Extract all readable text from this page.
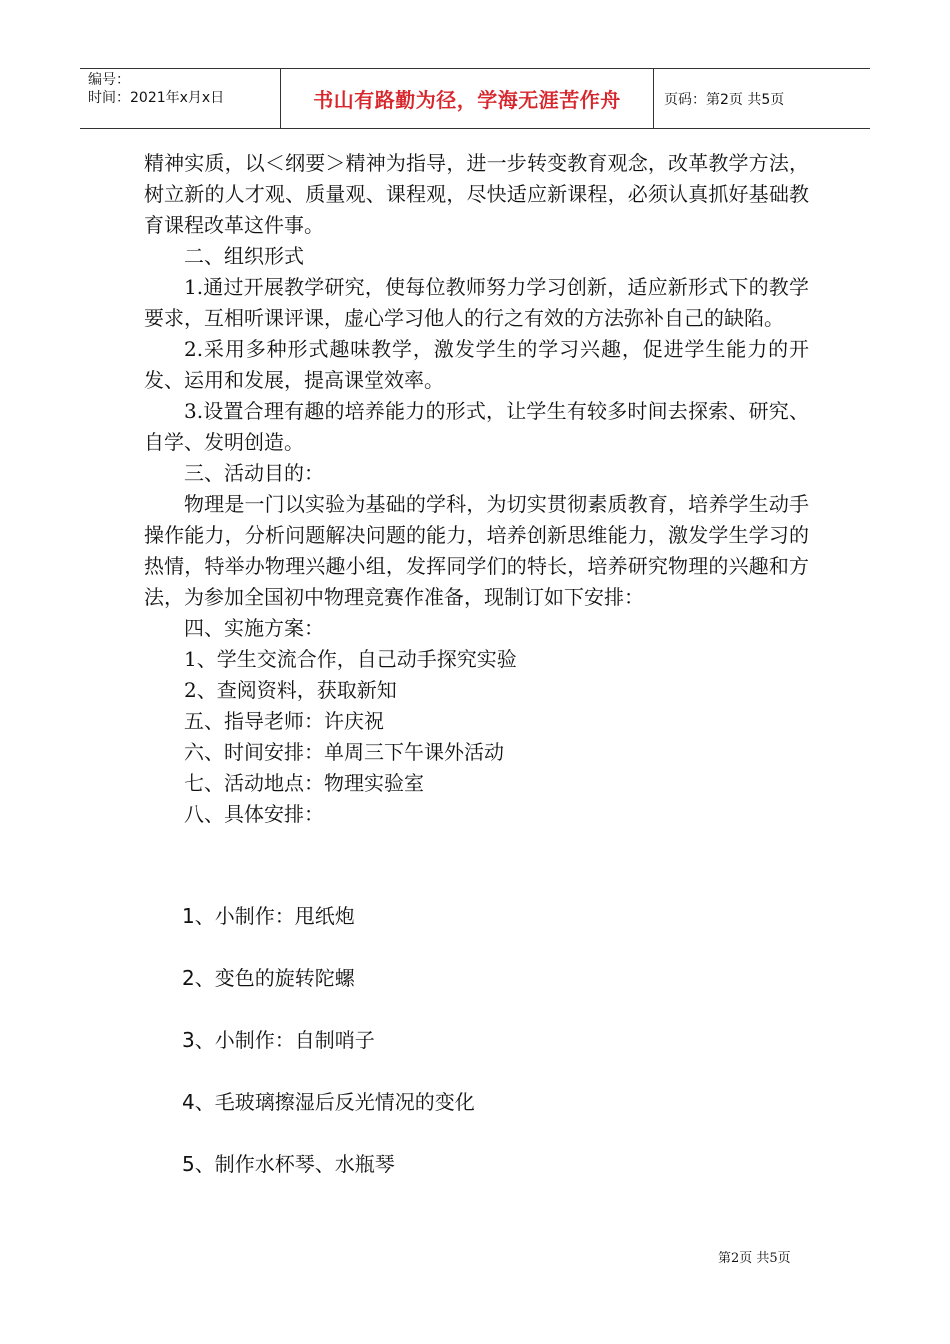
编号：
时间：2021年x月x日	书山有路勤为径，学海无涯苦作舟	页码：第2页 共5页

精神实质，以＜纲要＞精神为指导，进一步转变教育观念，改革教学方法，树立新的人才观、质量观、课程观，尽快适应新课程，必须认真抓好基础教育课程改革这件事。

二、组织形式

1.通过开展教学研究，使每位教师努力学习创新，适应新形式下的教学要求，互相听课评课，虚心学习他人的行之有效的方法弥补自己的缺陷。

2.采用多种形式趣味教学，激发学生的学习兴趣，促进学生能力的开发、运用和发展，提高课堂效率。

3.设置合理有趣的培养能力的形式，让学生有较多时间去探索、研究、自学、发明创造。

三、活动目的：

物理是一门以实验为基础的学科，为切实贯彻素质教育，培养学生动手操作能力，分析问题解决问题的能力，培养创新思维能力，激发学生学习的热情，特举办物理兴趣小组，发挥同学们的特长，培养研究物理的兴趣和方法，为参加全国初中物理竞赛作准备，现制订如下安排：

四、实施方案：

1、学生交流合作，自己动手探究实验

2、查阅资料，获取新知

五、指导老师：许庆祝

六、时间安排：单周三下午课外活动

七、活动地点：物理实验室

八、具体安排：

1、小制作：甩纸炮
2、变色的旋转陀螺
3、小制作：自制哨子
4、毛玻璃擦湿后反光情况的变化
5、制作水杯琴、水瓶琴
第2页 共5页
